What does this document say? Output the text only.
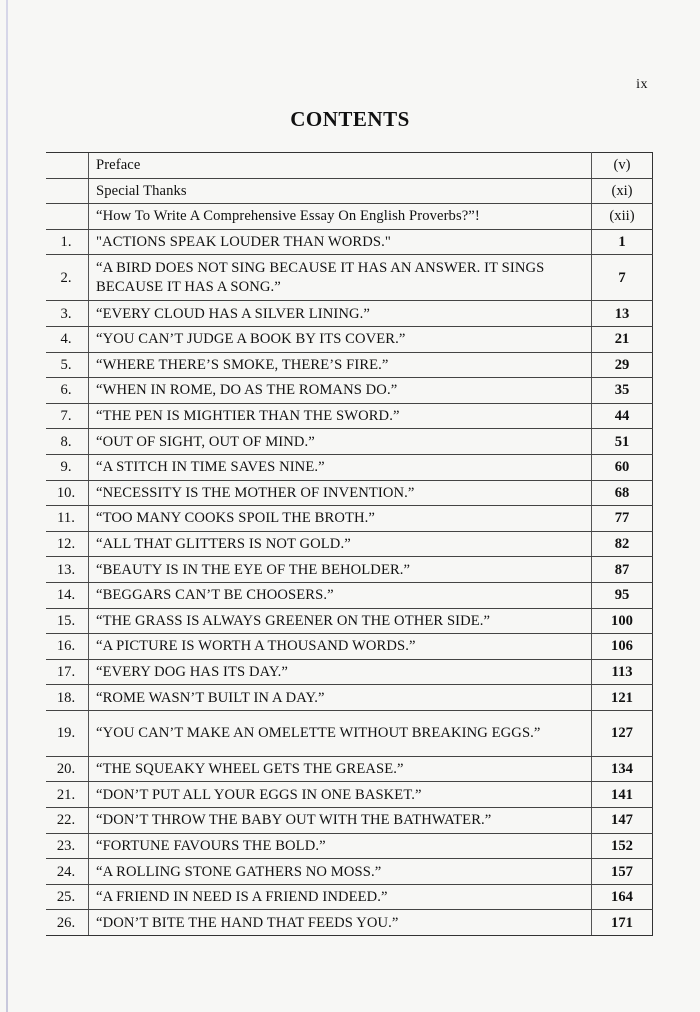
ix
CONTENTS
	Preface	(v)
	Special Thanks	(xi)
	“How To Write A Comprehensive Essay On English Proverbs?”!	(xii)
1.	"ACTIONS SPEAK LOUDER THAN WORDS."	1
2.	“A BIRD DOES NOT SING BECAUSE IT HAS AN ANSWER. IT SINGS BECAUSE IT HAS A SONG.”	7
3.	“EVERY CLOUD HAS A SILVER LINING.”	13
4.	“YOU CAN’T JUDGE A BOOK BY ITS COVER.”	21
5.	“WHERE THERE’S SMOKE, THERE’S FIRE.”	29
6.	“WHEN IN ROME, DO AS THE ROMANS DO.”	35
7.	“THE PEN IS MIGHTIER THAN THE SWORD.”	44
8.	“OUT OF SIGHT, OUT OF MIND.”	51
9.	“A STITCH IN TIME SAVES NINE.”	60
10.	“NECESSITY IS THE MOTHER OF INVENTION.”	68
11.	“TOO MANY COOKS SPOIL THE BROTH.”	77
12.	“ALL THAT GLITTERS IS NOT GOLD.”	82
13.	“BEAUTY IS IN THE EYE OF THE BEHOLDER.”	87
14.	“BEGGARS CAN’T BE CHOOSERS.”	95
15.	“THE GRASS IS ALWAYS GREENER ON THE OTHER SIDE.”	100
16.	“A PICTURE IS WORTH A THOUSAND WORDS.”	106
17.	“EVERY DOG HAS ITS DAY.”	113
18.	“ROME WASN’T BUILT IN A DAY.”	121
19.	“YOU CAN’T MAKE AN OMELETTE WITHOUT BREAKING EGGS.”	127
20.	“THE SQUEAKY WHEEL GETS THE GREASE.”	134
21.	“DON’T PUT ALL YOUR EGGS IN ONE BASKET.”	141
22.	“DON’T THROW THE BABY OUT WITH THE BATHWATER.”	147
23.	“FORTUNE FAVOURS THE BOLD.”	152
24.	“A ROLLING STONE GATHERS NO MOSS.”	157
25.	“A FRIEND IN NEED IS A FRIEND INDEED.”	164
26.	“DON’T BITE THE HAND THAT FEEDS YOU.”	171
